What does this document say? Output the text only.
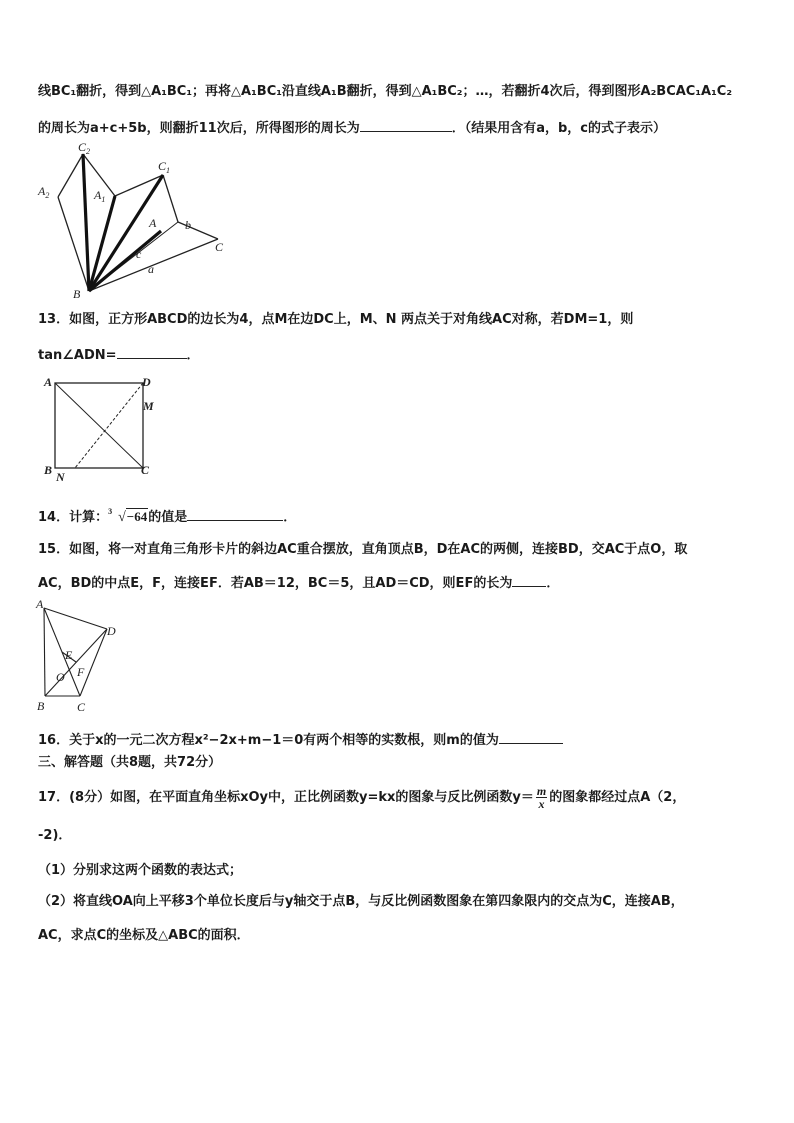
线BC₁翻折，得到△A₁BC₁；再将△A₁BC₁沿直线A₁B翻折，得到△A₁BC₂；…，若翻折4次后，得到图形A₂BCAC₁A₁C₂
的周长为a+c+5b，则翻折11次后，所得图形的周长为	．（结果用含有a，b，c的式子表示）
$C_2$
$C_1$
$A_2$	$A_1$
A b
C
c
a
B
13．如图，正方形ABCD的边长为4，点M在边DC上，M、N 两点关于对角线AC对称，若DM=1，则
tan∠ADN=	．
A	D
M
B N	C
14．计算： 3 √−64的值是	．
15．如图，将一对直角三角形卡片的斜边AC重合摆放，直角顶点B，D在AC的两侧，连接BD，交AC于点O，取
AC，BD的中点E，F，连接EF．若AB＝12，BC＝5，且AD＝CD，则EF的长为	．
A
D
E
O F
B	C
16．关于x的一元二次方程x²−2x+m−1＝0有两个相等的实数根，则m的值为
三、解答题（共8题，共72分）
17．(8分）如图，在平面直角坐标xOy中，正比例函数y=kx的图象与反比例函数$y= \frac{m}{x}$ 的图象都经过点A（2，
-2)．
（1）分别求这两个函数的表达式；
（2）将直线OA向上平移3个单位长度后与y轴交于点B，与反比例函数图象在第四象限内的交点为C，连接AB，
AC，求点C的坐标及△ABC的面积．
